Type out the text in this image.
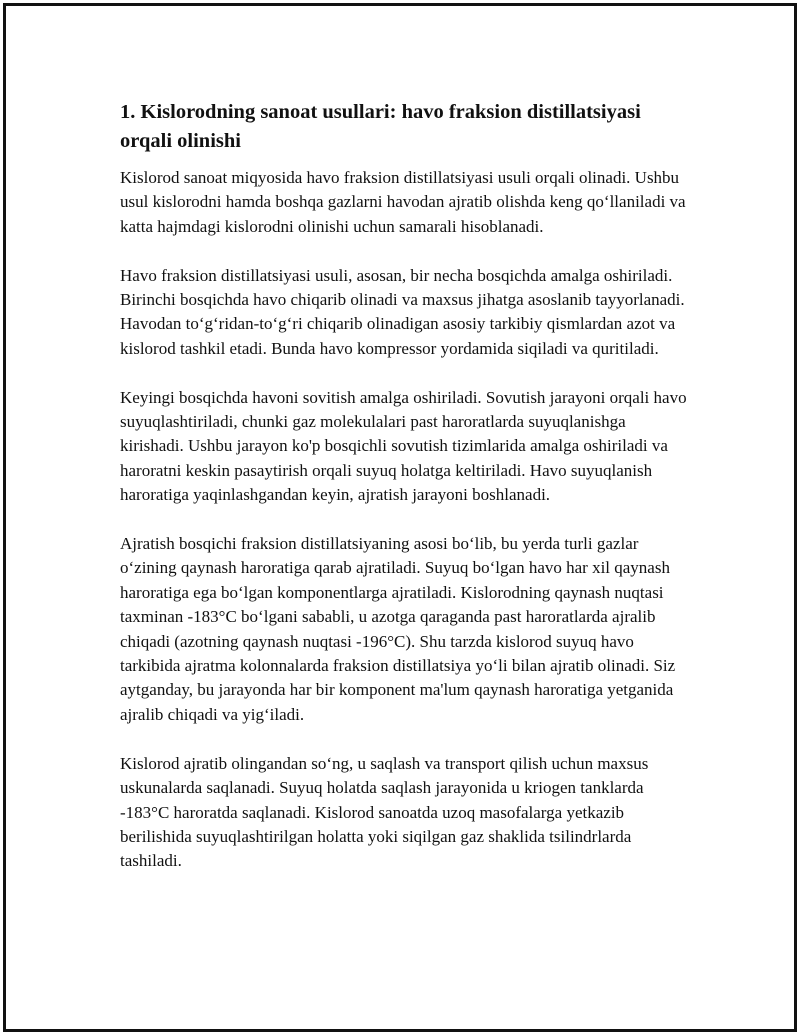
1. Kislorodning sanoat usullari: havo fraksion distillatsiyasi orqali olinishi

Kislorod sanoat miqyosida havo fraksion distillatsiyasi usuli orqali olinadi. Ushbu usul kislorodni hamda boshqa gazlarni havodan ajratib olishda keng qo‘llaniladi va katta hajmdagi kislorodni olinishi uchun samarali hisoblanadi.

Havo fraksion distillatsiyasi usuli, asosan, bir necha bosqichda amalga oshiriladi. Birinchi bosqichda havo chiqarib olinadi va maxsus jihatga asoslanib tayyorlanadi. Havodan to‘g‘ridan-to‘g‘ri chiqarib olinadigan asosiy tarkibiy qismlardan azot va kislorod tashkil etadi. Bunda havo kompressor yordamida siqiladi va quritiladi.

Keyingi bosqichda havoni sovitish amalga oshiriladi. Sovutish jarayoni orqali havo suyuqlashtiriladi, chunki gaz molekulalari past haroratlarda suyuqlanishga kirishadi. Ushbu jarayon ko'p bosqichli sovutish tizimlarida amalga oshiriladi va haroratni keskin pasaytirish orqali suyuq holatga keltiriladi. Havo suyuqlanish haroratiga yaqinlashgandan keyin, ajratish jarayoni boshlanadi.

Ajratish bosqichi fraksion distillatsiyaning asosi bo‘lib, bu yerda turli gazlar o‘zining qaynash haroratiga qarab ajratiladi. Suyuq bo‘lgan havo har xil qaynash haroratiga ega bo‘lgan komponentlarga ajratiladi. Kislorodning qaynash nuqtasi taxminan -183°C bo‘lgani sababli, u azotga qaraganda past haroratlarda ajralib chiqadi (azotning qaynash nuqtasi -196°C). Shu tarzda kislorod suyuq havo tarkibida ajratma kolonnalarda fraksion distillatsiya yo‘li bilan ajratib olinadi. Siz aytganday, bu jarayonda har bir komponent ma'lum qaynash haroratiga yetganida ajralib chiqadi va yig‘iladi.

Kislorod ajratib olingandan so‘ng, u saqlash va transport qilish uchun maxsus uskunalarda saqlanadi. Suyuq holatda saqlash jarayonida u kriogen tanklarda -183°C haroratda saqlanadi. Kislorod sanoatda uzoq masofalarga yetkazib berilishida suyuqlashtirilgan holatta yoki siqilgan gaz shaklida tsilindrlarda tashiladi.
